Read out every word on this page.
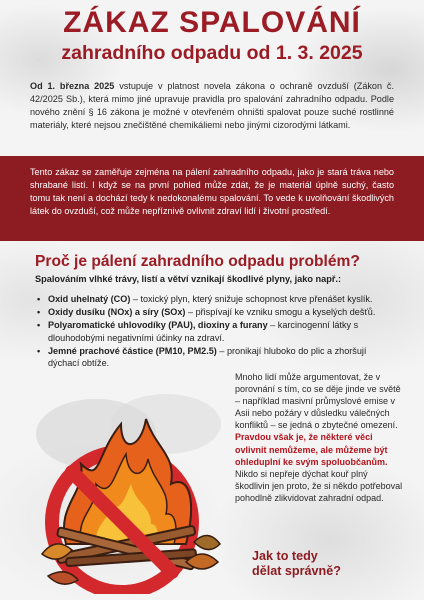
ZÁKAZ SPALOVÁNÍ
zahradního odpadu od 1. 3. 2025

Od 1. března 2025 vstupuje v platnost novela zákona o ochraně ovzduší (Zákon č. 42/2025 Sb.), která mimo jiné upravuje pravidla pro spalování zahradního odpadu. Podle nového znění § 16 zákona je možné v otevřeném ohništi spalovat pouze suché rostlinné materiály, které nejsou znečištěné chemikáliemi nebo jinými cizorodými látkami.

Tento zákaz se zaměřuje zejména na pálení zahradního odpadu, jako je stará tráva nebo shrabané listí. I když se na první pohled může zdát, že je materiál úplně suchý, často tomu tak není a dochází tedy k nedokonalému spalování. To vede k uvolňování škodlivých látek do ovzduší, což může nepříznivě ovlivnit zdraví lidí i životní prostředí.

Proč je pálení zahradního odpadu problém?

Spalováním vlhké trávy, listí a větví vznikají škodlivé plyny, jako např.:

• Oxid uhelnatý (CO) – toxický plyn, který snižuje schopnost krve přenášet kyslík.
• Oxidy dusíku (NOx) a síry (SOx) – přispívají ke vzniku smogu a kyselých dešťů.
• Polyaromatické uhlovodíky (PAU), dioxiny a furany – karcinogenní látky s dlouhodobými negativními účinky na zdraví.
• Jemné prachové částice (PM10, PM2.5) – pronikají hluboko do plic a zhoršují dýchací obtíže.

Mnoho lidí může argumentovat, že v porovnání s tím, co se děje jinde ve světě – například masivní průmyslové emise v Asii nebo požáry v důsledku válečných konfliktů – se jedná o zbytečné omezení.

Pravdou však je, že některé věci ovlivnit nemůžeme, ale můžeme být ohleduplní ke svým spoluobčanům. Nikdo si nepřeje dýchat kouř plný škodlivin jen proto, že si někdo potřeboval pohodlně zlikvidovat zahradní odpad.

Jak to tedy
dělat správně?
